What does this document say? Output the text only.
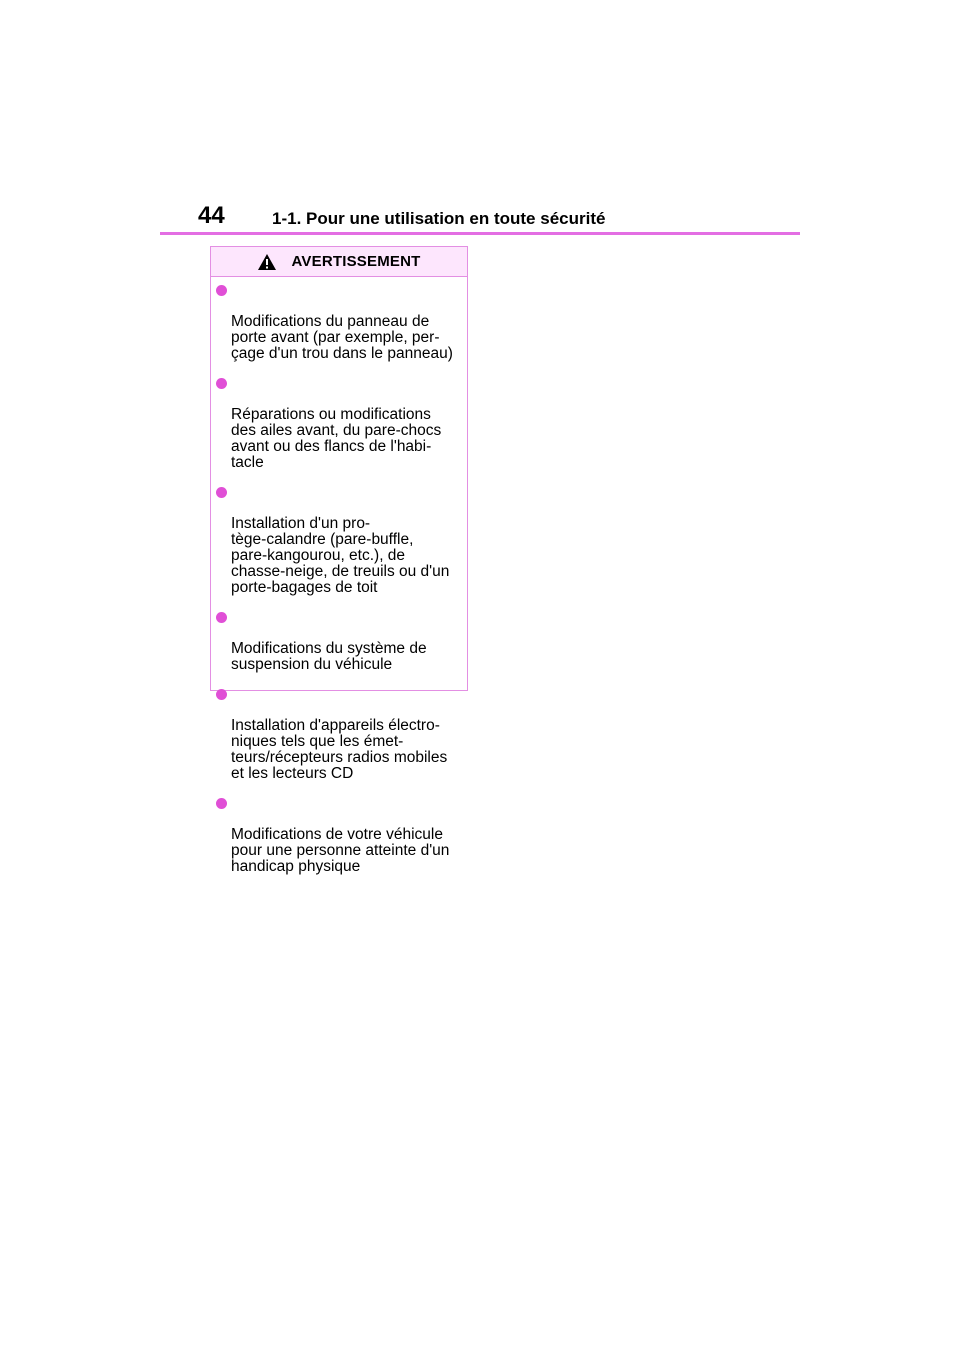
44	1-1. Pour une utilisation en toute sécurité
AVERTISSEMENT

Modifications du panneau de
porte avant (par exemple, per-
çage d'un trou dans le panneau)

Réparations ou modifications
des ailes avant, du pare-chocs
avant ou des flancs de l'habi-
tacle

Installation d'un pro-
tège-calandre (pare-buffle,
pare-kangourou, etc.), de
chasse-neige, de treuils ou d'un
porte-bagages de toit

Modifications du système de
suspension du véhicule

Installation d'appareils électro-
niques tels que les émet-
teurs/récepteurs radios mobiles
et les lecteurs CD

Modifications de votre véhicule
pour une personne atteinte d'un
handicap physique
